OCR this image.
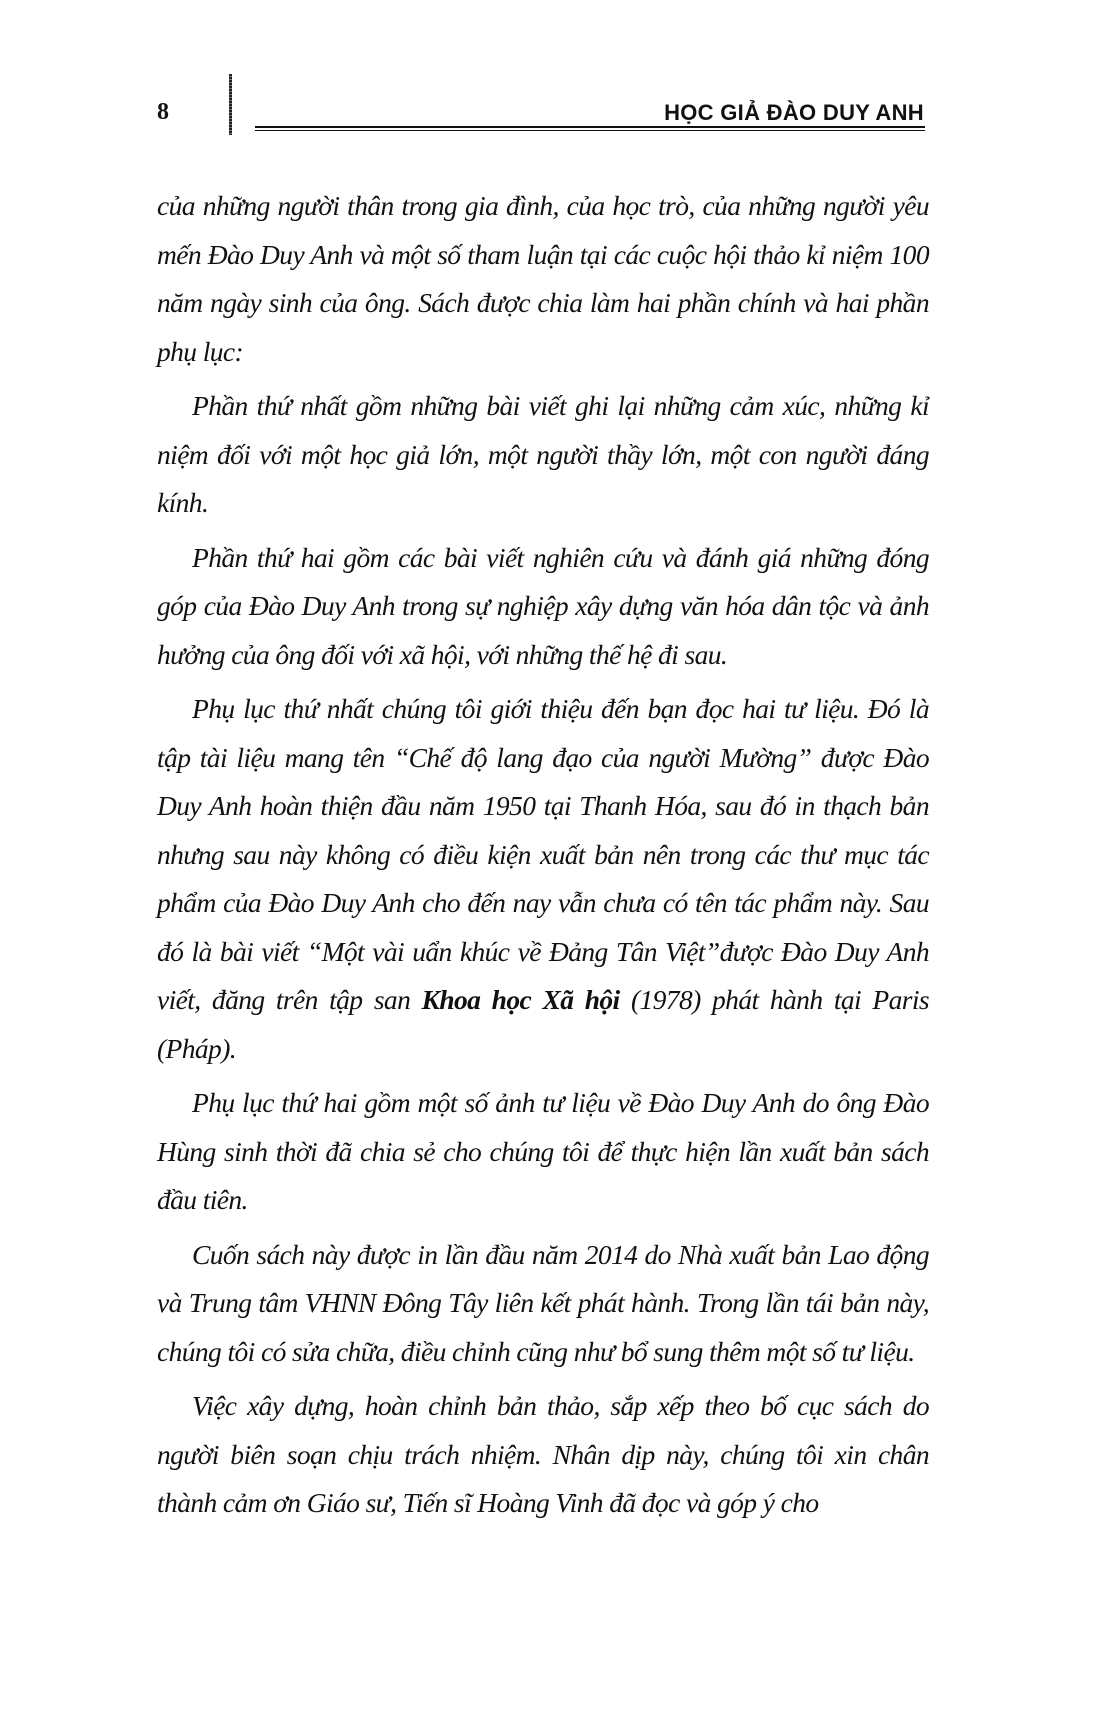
8	HỌC GIẢ ĐÀO DUY ANH

của những người thân trong gia đình, của học trò, của những người yêu mến Đào Duy Anh và một số tham luận tại các cuộc hội thảo kỉ niệm 100 năm ngày sinh của ông. Sách được chia làm hai phần chính và hai phần phụ lục:

Phần thứ nhất gồm những bài viết ghi lại những cảm xúc, những kỉ niệm đối với một học giả lớn, một người thầy lớn, một con người đáng kính.

Phần thứ hai gồm các bài viết nghiên cứu và đánh giá những đóng góp của Đào Duy Anh trong sự nghiệp xây dựng văn hóa dân tộc và ảnh hưởng của ông đối với xã hội, với những thế hệ đi sau.

Phụ lục thứ nhất chúng tôi giới thiệu đến bạn đọc hai tư liệu. Đó là tập tài liệu mang tên “Chế độ lang đạo của người Mường” được Đào Duy Anh hoàn thiện đầu năm 1950 tại Thanh Hóa, sau đó in thạch bản nhưng sau này không có điều kiện xuất bản nên trong các thư mục tác phẩm của Đào Duy Anh cho đến nay vẫn chưa có tên tác phẩm này. Sau đó là bài viết “Một vài uẩn khúc về Đảng Tân Việt”được Đào Duy Anh viết, đăng trên tập san Khoa học Xã hội (1978) phát hành tại Paris (Pháp).

Phụ lục thứ hai gồm một số ảnh tư liệu về Đào Duy Anh do ông Đào Hùng sinh thời đã chia sẻ cho chúng tôi để thực hiện lần xuất bản sách đầu tiên.

Cuốn sách này được in lần đầu năm 2014 do Nhà xuất bản Lao động và Trung tâm VHNN Đông Tây liên kết phát hành. Trong lần tái bản này, chúng tôi có sửa chữa, điều chỉnh cũng như bổ sung thêm một số tư liệu.

Việc xây dựng, hoàn chỉnh bản thảo, sắp xếp theo bố cục sách do người biên soạn chịu trách nhiệm. Nhân dịp này, chúng tôi xin chân thành cảm ơn Giáo sư, Tiến sĩ Hoàng Vinh đã đọc và góp ý cho
